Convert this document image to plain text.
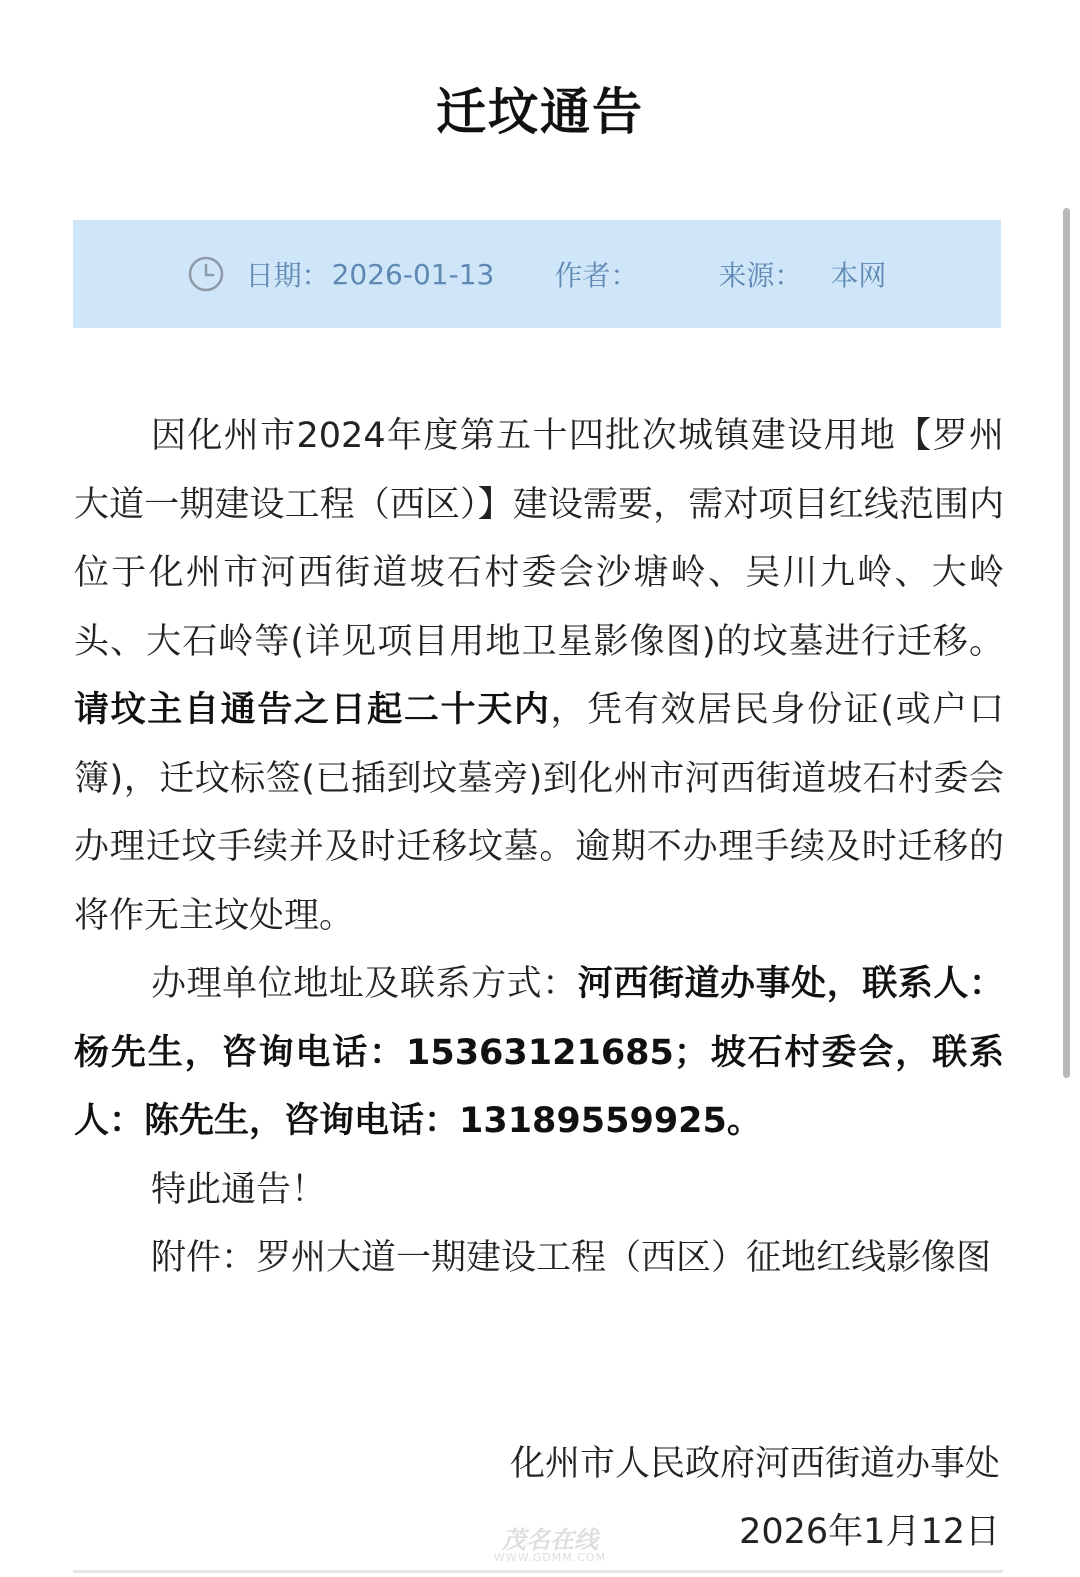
迁坟通告
日期： 2026-01-13 作者：	来源： 本网

因化州市2024年度第五十四批次城镇建设用地【罗州大道一期建设工程（西区）】建设需要，需对项目红线范围内位于化州市河西街道坡石村委会沙塘岭、吴川九岭、大岭头、大石岭等(详见项目用地卫星影像图)的坟墓进行迁移。请坟主自通告之日起二十天内，凭有效居民身份证(或户口簿)，迁坟标签(已插到坟墓旁)到化州市河西街道坡石村委会办理迁坟手续并及时迁移坟墓。逾期不办理手续及时迁移的将作无主坟处理。

办理单位地址及联系方式：河西街道办事处，联系人：杨先生，咨询电话：15363121685；坡石村委会，联系人：陈先生，咨询电话：13189559925。

特此通告！

附件：罗州大道一期建设工程（西区）征地红线影像图

化州市人民政府河西街道办事处
2026年1月12日
茂名在线
WWW.GDMM.COM
